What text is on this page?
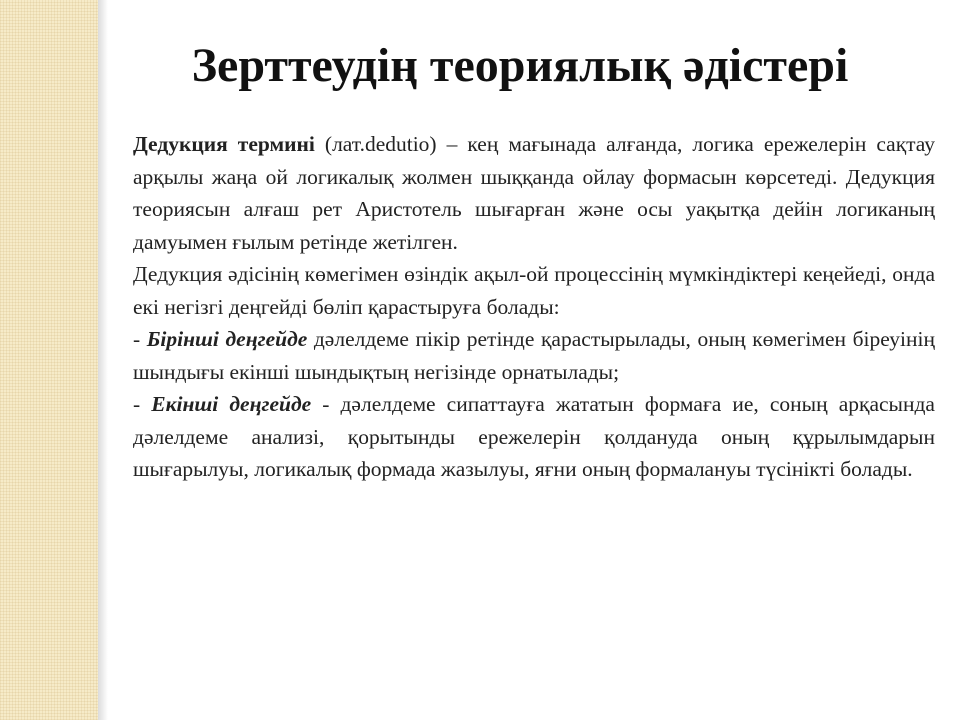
Зерттеудің теориялық әдістері

Дедукция термині (лат.dedutio) – кең мағынада алғанда, логика ережелерін сақтау арқылы жаңа ой логикалық жолмен шыққанда ойлау формасын көрсетеді. Дедукция теориясын алғаш рет Аристотель шығарған және осы уақытқа дейін логиканың дамуымен ғылым ретінде жетілген.

Дедукция әдісінің көмегімен өзіндік ақыл-ой процессінің мүмкіндіктері кеңейеді, онда екі негізгі деңгейді бөліп қарастыруға болады:

- Бірінші деңгейде дәлелдеме пікір ретінде қарастырылады, оның көмегімен біреуінің шындығы екінші шындықтың негізінде орнатылады;

- Екінші деңгейде - дәлелдеме сипаттауға жататын формаға ие, соның арқасында дәлелдеме анализі, қорытынды ережелерін қолдануда оның құрылымдарын шығарылуы, логикалық формада жазылуы, яғни оның формалануы түсінікті болады.
